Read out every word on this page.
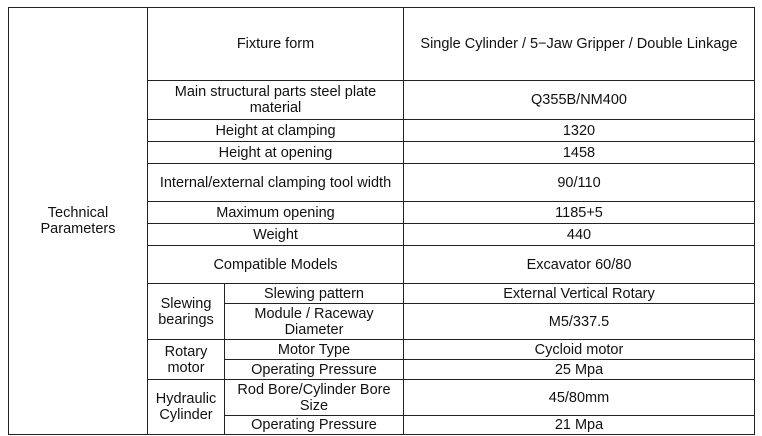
Technical Parameters	Fixture form		Single Cylinder / 5−Jaw Gripper / Double Linkage
	Main structural parts steel plate material		Q355B/NM400
	Height at clamping		1320
	Height at opening		1458
	Internal/external clamping tool width		90/110
	Maximum opening		1185+5
	Weight		440
	Compatible Models		Excavator 60/80
	Slewing bearings	Slewing pattern	External Vertical Rotary
		Module / Raceway Diameter	M5/337.5
	Rotary motor	Motor Type	Cycloid motor
		Operating Pressure	25 Mpa
	Hydraulic Cylinder	Rod Bore/Cylinder Bore Size	45/80mm
		Operating Pressure	21 Mpa
